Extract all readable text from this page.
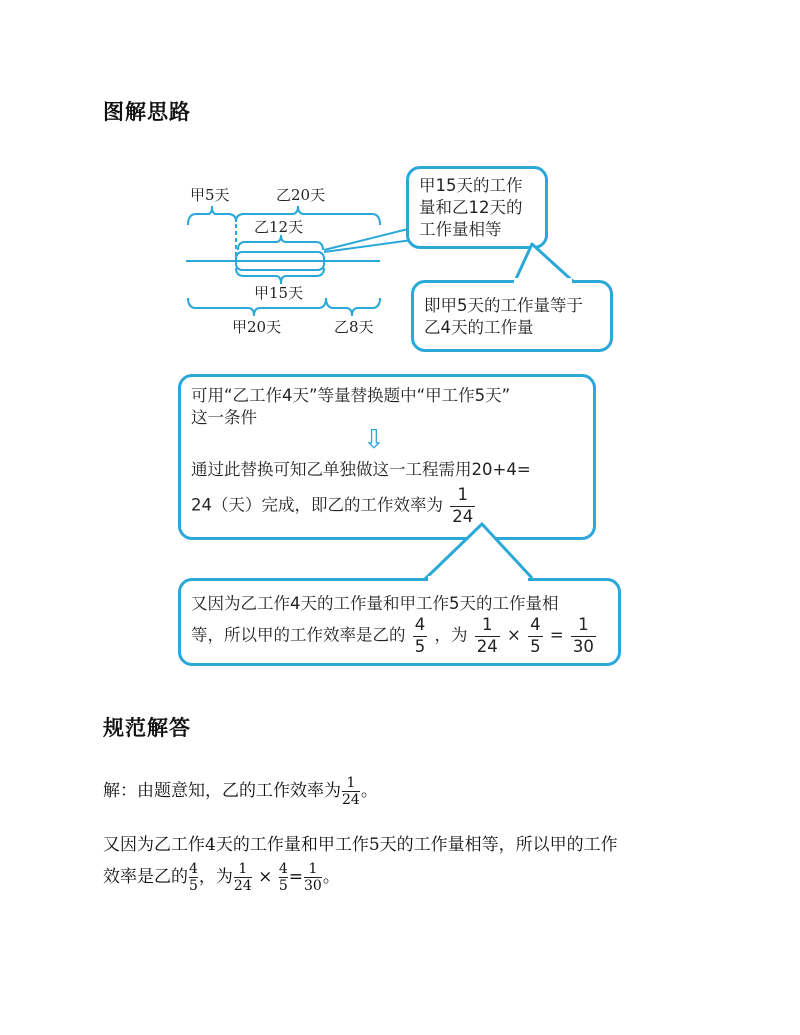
图解思路
甲5天	乙20天
乙12天
甲15天
甲20天	乙8天
甲15天的工作
量和乙12天的
工作量相等
即甲5天的工作量等于
乙4天的工作量
可用“乙工作4天”等量替换题中“甲工作5天”
这一条件
⇩
通过此替换可知乙单独做这一工程需用20+4=
24（天）完成，即乙的工作效率为 $\frac{1}{24}$
又因为乙工作4天的工作量和甲工作5天的工作量相
等，所以甲的工作效率是乙的 $\frac{4}{5}$ ，为 $\frac{1}{24} \times \frac{4}{5} = \frac{1}{30}$
规范解答
解：由题意知，乙的工作效率为 $\frac{1}{24}$ 。
又因为乙工作4天的工作量和甲工作5天的工作量相等，所以甲的工作
效率是乙的 $\frac{4}{5}$ ，为 $\frac{1}{24} \times \frac{4}{5} = \frac{1}{30}$ 。
